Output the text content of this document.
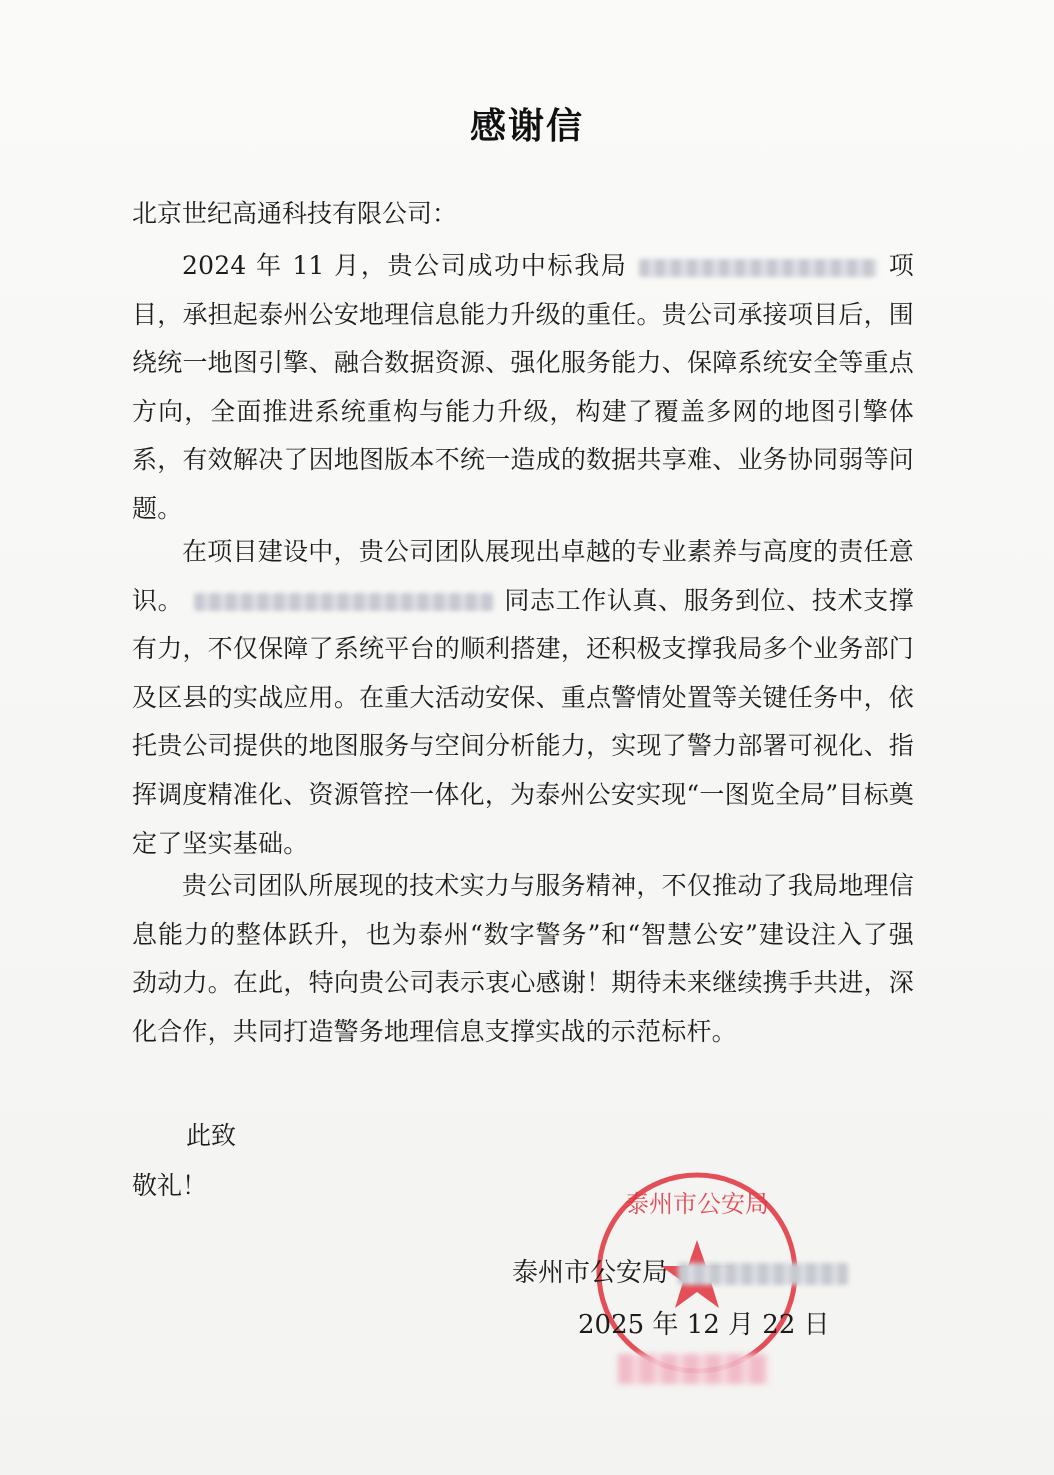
感谢信
北京世纪高通科技有限公司：
2024 年 11 月，贵公司成功中标我局	项目，承担起泰州公安地理信息能力升级的重任。贵公司承接项目后，围绕统一地图引擎、融合数据资源、强化服务能力、保障系统安全等重点方向，全面推进系统重构与能力升级，构建了覆盖多网的地图引擎体系，有效解决了因地图版本不统一造成的数据共享难、业务协同弱等问题。
在项目建设中，贵公司团队展现出卓越的专业素养与高度的责任意识。	同志工作认真、服务到位、技术支撑有力，不仅保障了系统平台的顺利搭建，还积极支撑我局多个业务部门及区县的实战应用。在重大活动安保、重点警情处置等关键任务中，依托贵公司提供的地图服务与空间分析能力，实现了警力部署可视化、指挥调度精准化、资源管控一体化，为泰州公安实现“一图览全局”目标奠定了坚实基础。
贵公司团队所展现的技术实力与服务精神，不仅推动了我局地理信息能力的整体跃升，也为泰州“数字警务”和“智慧公安”建设注入了强劲动力。在此，特向贵公司表示衷心感谢！期待未来继续携手共进，深化合作，共同打造警务地理信息支撑实战的示范标杆。
此致
敬礼！
泰州市公安局
泰州市公安局
2025 年 12 月 22 日
